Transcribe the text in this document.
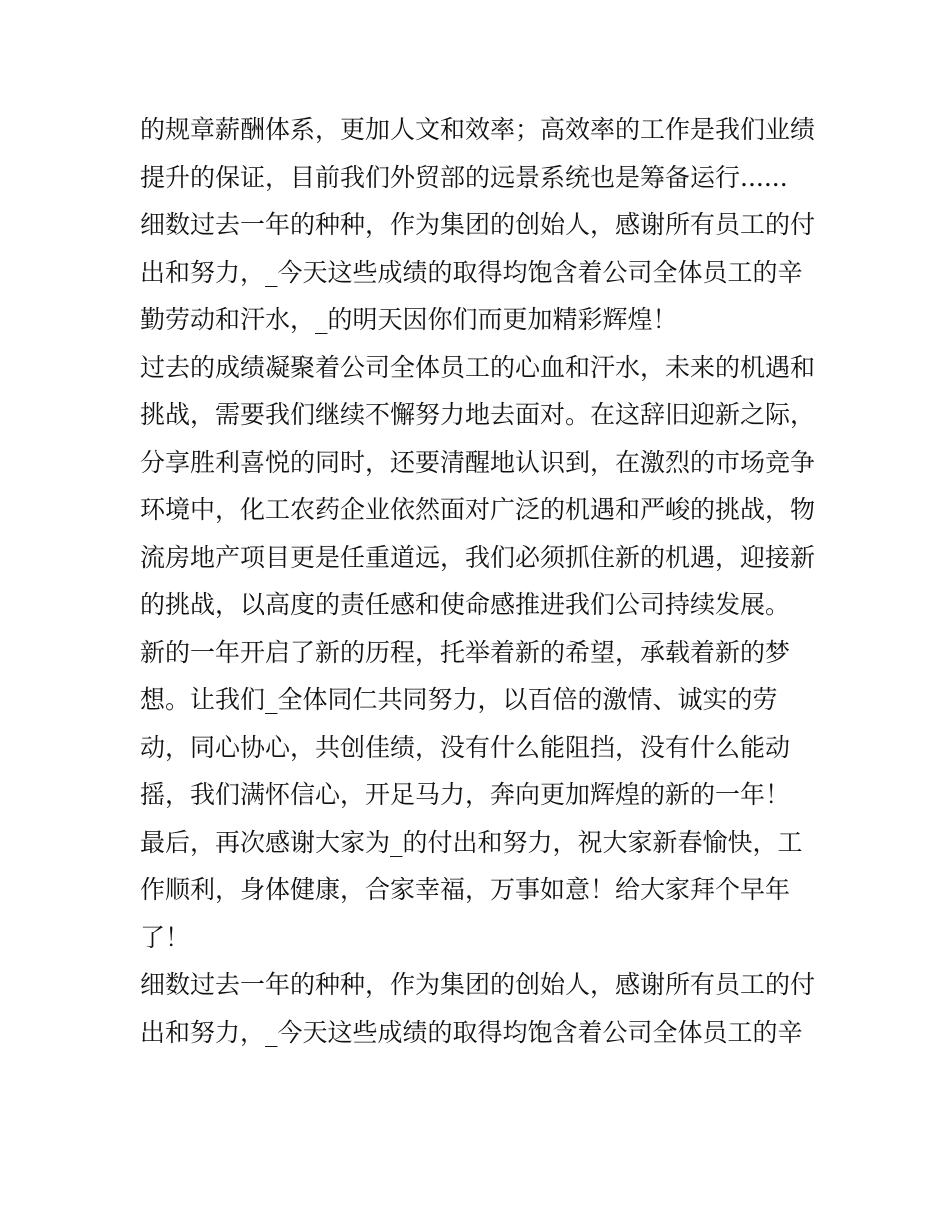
的规章薪酬体系，更加人文和效率；高效率的工作是我们业绩
提升的保证，目前我们外贸部的远景系统也是筹备运行......
细数过去一年的种种，作为集团的创始人，感谢所有员工的付
出和努力，_今天这些成绩的取得均饱含着公司全体员工的辛
勤劳动和汗水，_的明天因你们而更加精彩辉煌！
过去的成绩凝聚着公司全体员工的心血和汗水，未来的机遇和
挑战，需要我们继续不懈努力地去面对。在这辞旧迎新之际，
分享胜利喜悦的同时，还要清醒地认识到，在激烈的市场竞争
环境中，化工农药企业依然面对广泛的机遇和严峻的挑战，物
流房地产项目更是任重道远，我们必须抓住新的机遇，迎接新
的挑战，以高度的责任感和使命感推进我们公司持续发展。
新的一年开启了新的历程，托举着新的希望，承载着新的梦
想。让我们_全体同仁共同努力，以百倍的激情、诚实的劳
动，同心协心，共创佳绩，没有什么能阻挡，没有什么能动
摇，我们满怀信心，开足马力，奔向更加辉煌的新的一年！
最后，再次感谢大家为_的付出和努力，祝大家新春愉快，工
作顺利，身体健康，合家幸福，万事如意！给大家拜个早年
了！
细数过去一年的种种，作为集团的创始人，感谢所有员工的付
出和努力，_今天这些成绩的取得均饱含着公司全体员工的辛
